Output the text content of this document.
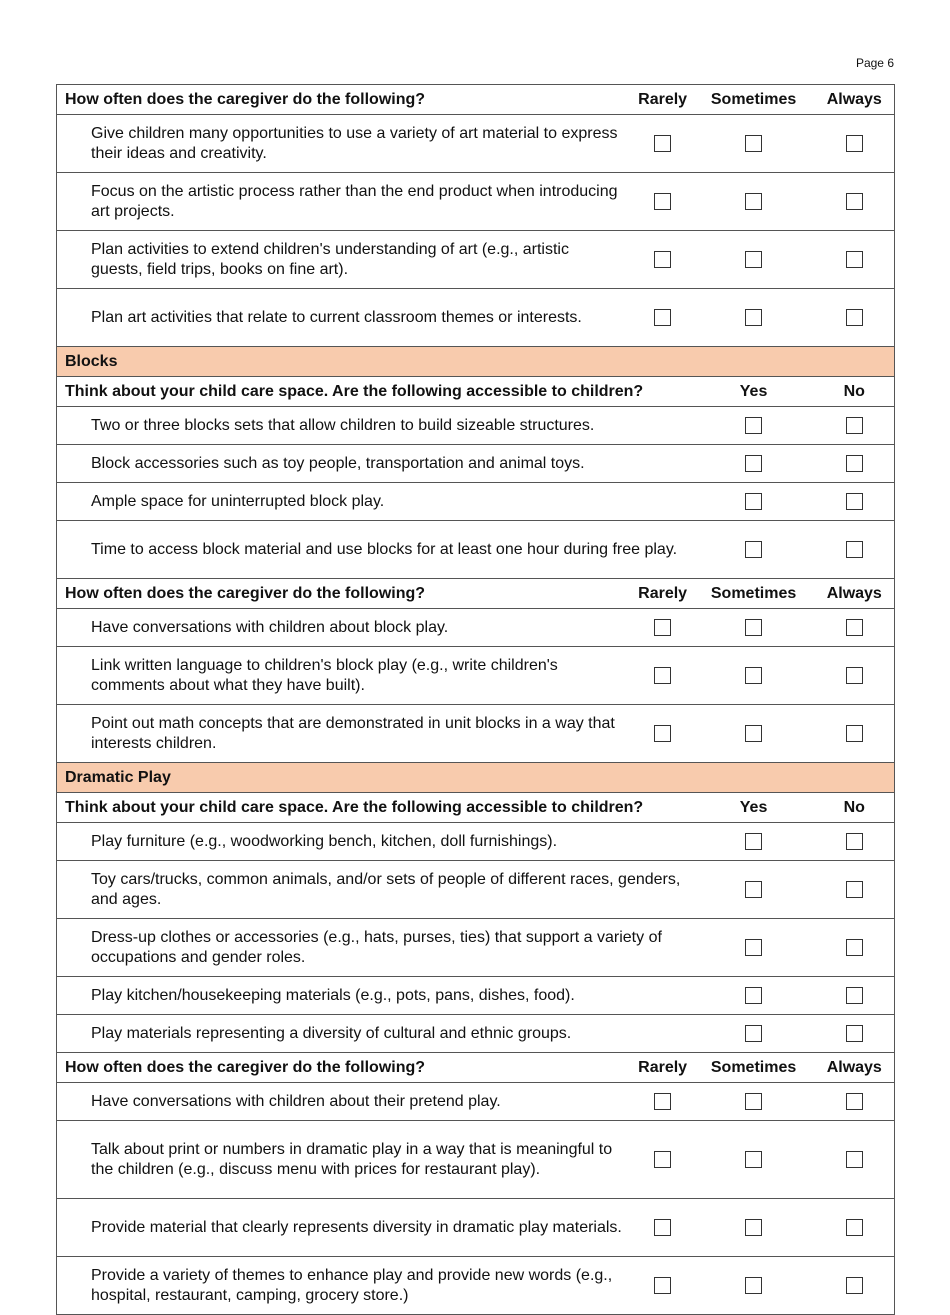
Page 6
How often does the caregiver do the following?	Rarely	Sometimes	Always
Give children many opportunities to use a variety of art material to express their ideas and creativity.			
Focus on the artistic process rather than the end product when introducing art projects.			
Plan activities to extend children's understanding of art (e.g., artistic guests, field trips, books on fine art).			
Plan art activities that relate to current classroom themes or interests.			
Blocks			
Think about your child care space. Are the following accessible to children?		Yes	No
Two or three blocks sets that allow children to build sizeable structures.			
Block accessories such as toy people, transportation and animal toys.			
Ample space for uninterrupted block play.			
Time to access block material and use blocks for at least one hour during free play.			
How often does the caregiver do the following?	Rarely	Sometimes	Always
Have conversations with children about block play.			
Link written language to children's block play (e.g., write children's comments about what they have built).			
Point out math concepts that are demonstrated in unit blocks in a way that interests children.			
Dramatic Play			
Think about your child care space. Are the following accessible to children?		Yes	No
Play furniture (e.g., woodworking bench, kitchen, doll furnishings).			
Toy cars/trucks, common animals, and/or sets of people of different races, genders, and ages.			
Dress-up clothes or accessories (e.g., hats, purses, ties) that support a variety of occupations and gender roles.			
Play kitchen/housekeeping materials (e.g., pots, pans, dishes, food).			
Play materials representing a diversity of cultural and ethnic groups.			
How often does the caregiver do the following?	Rarely	Sometimes	Always
Have conversations with children about their pretend play.			
Talk about print or numbers in dramatic play in a way that is meaningful to the children (e.g., discuss menu with prices for restaurant play).			
Provide material that clearly represents diversity in dramatic play materials.			
Provide a variety of themes to enhance play and provide new words (e.g., hospital, restaurant, camping, grocery store.)			
